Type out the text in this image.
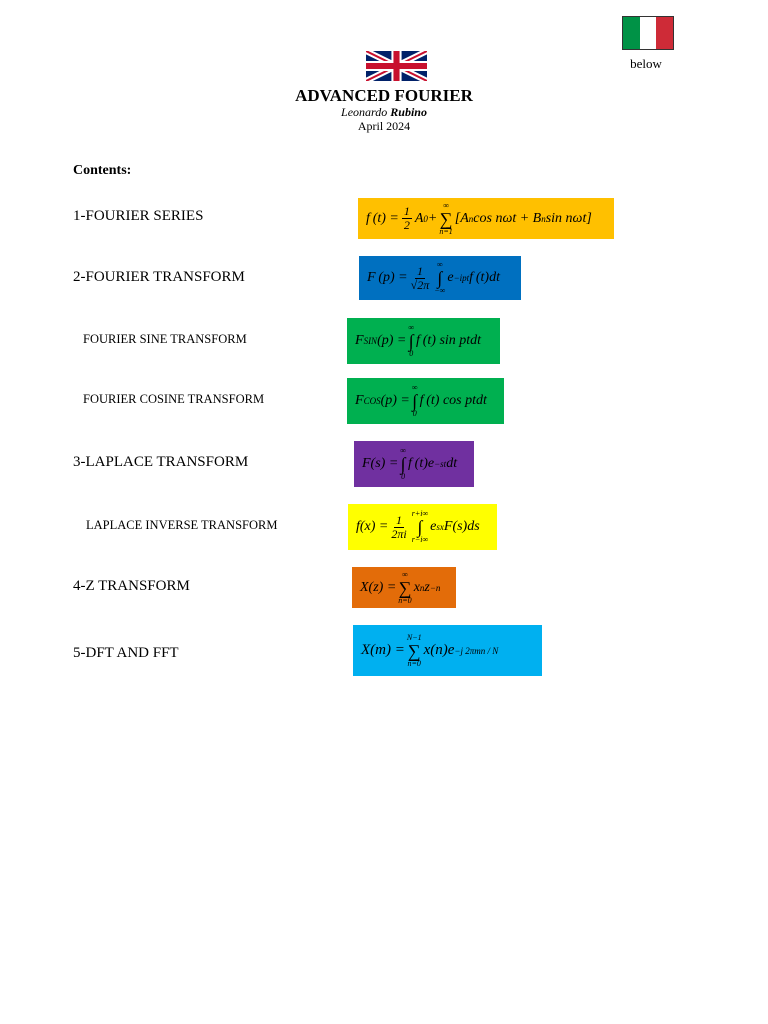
below
ADVANCED FOURIER
Leonardo Rubino
April 2024
Contents:
1-FOURIER SERIES	f $(t) = \frac{1}{2}$ A 0 +
∞
∑
n=1
[A n cos nωt + B n sin nωt]
2-FOURIER TRANSFORM	F $(p) = \frac{1}{√2\pi}$
∞
∫
−∞
e −ipt f (t)dt
FOURIER SINE TRANSFORM	F SIN (p) =
∞
∫
0
f (t) sin ptdt
FOURIER COSINE TRANSFORM	F COS (p) =
∞
∫
0
f (t) cos ptdt
3-LAPLACE TRANSFORM	F(s) =
∞
∫
0
f (t)e −st dt
LAPLACE INVERSE TRANSFORM	$f(x) = \frac{1}{2\pi i}$
r+i∞
∫
r−i∞
e sx F(s)ds
4-Z TRANSFORM	X(z) =
∞
∑
n=0
x n z −n
5-DFT AND FFT	X(m) =
N−1
∑
n=0
x(n)e −j 2πmn / N
